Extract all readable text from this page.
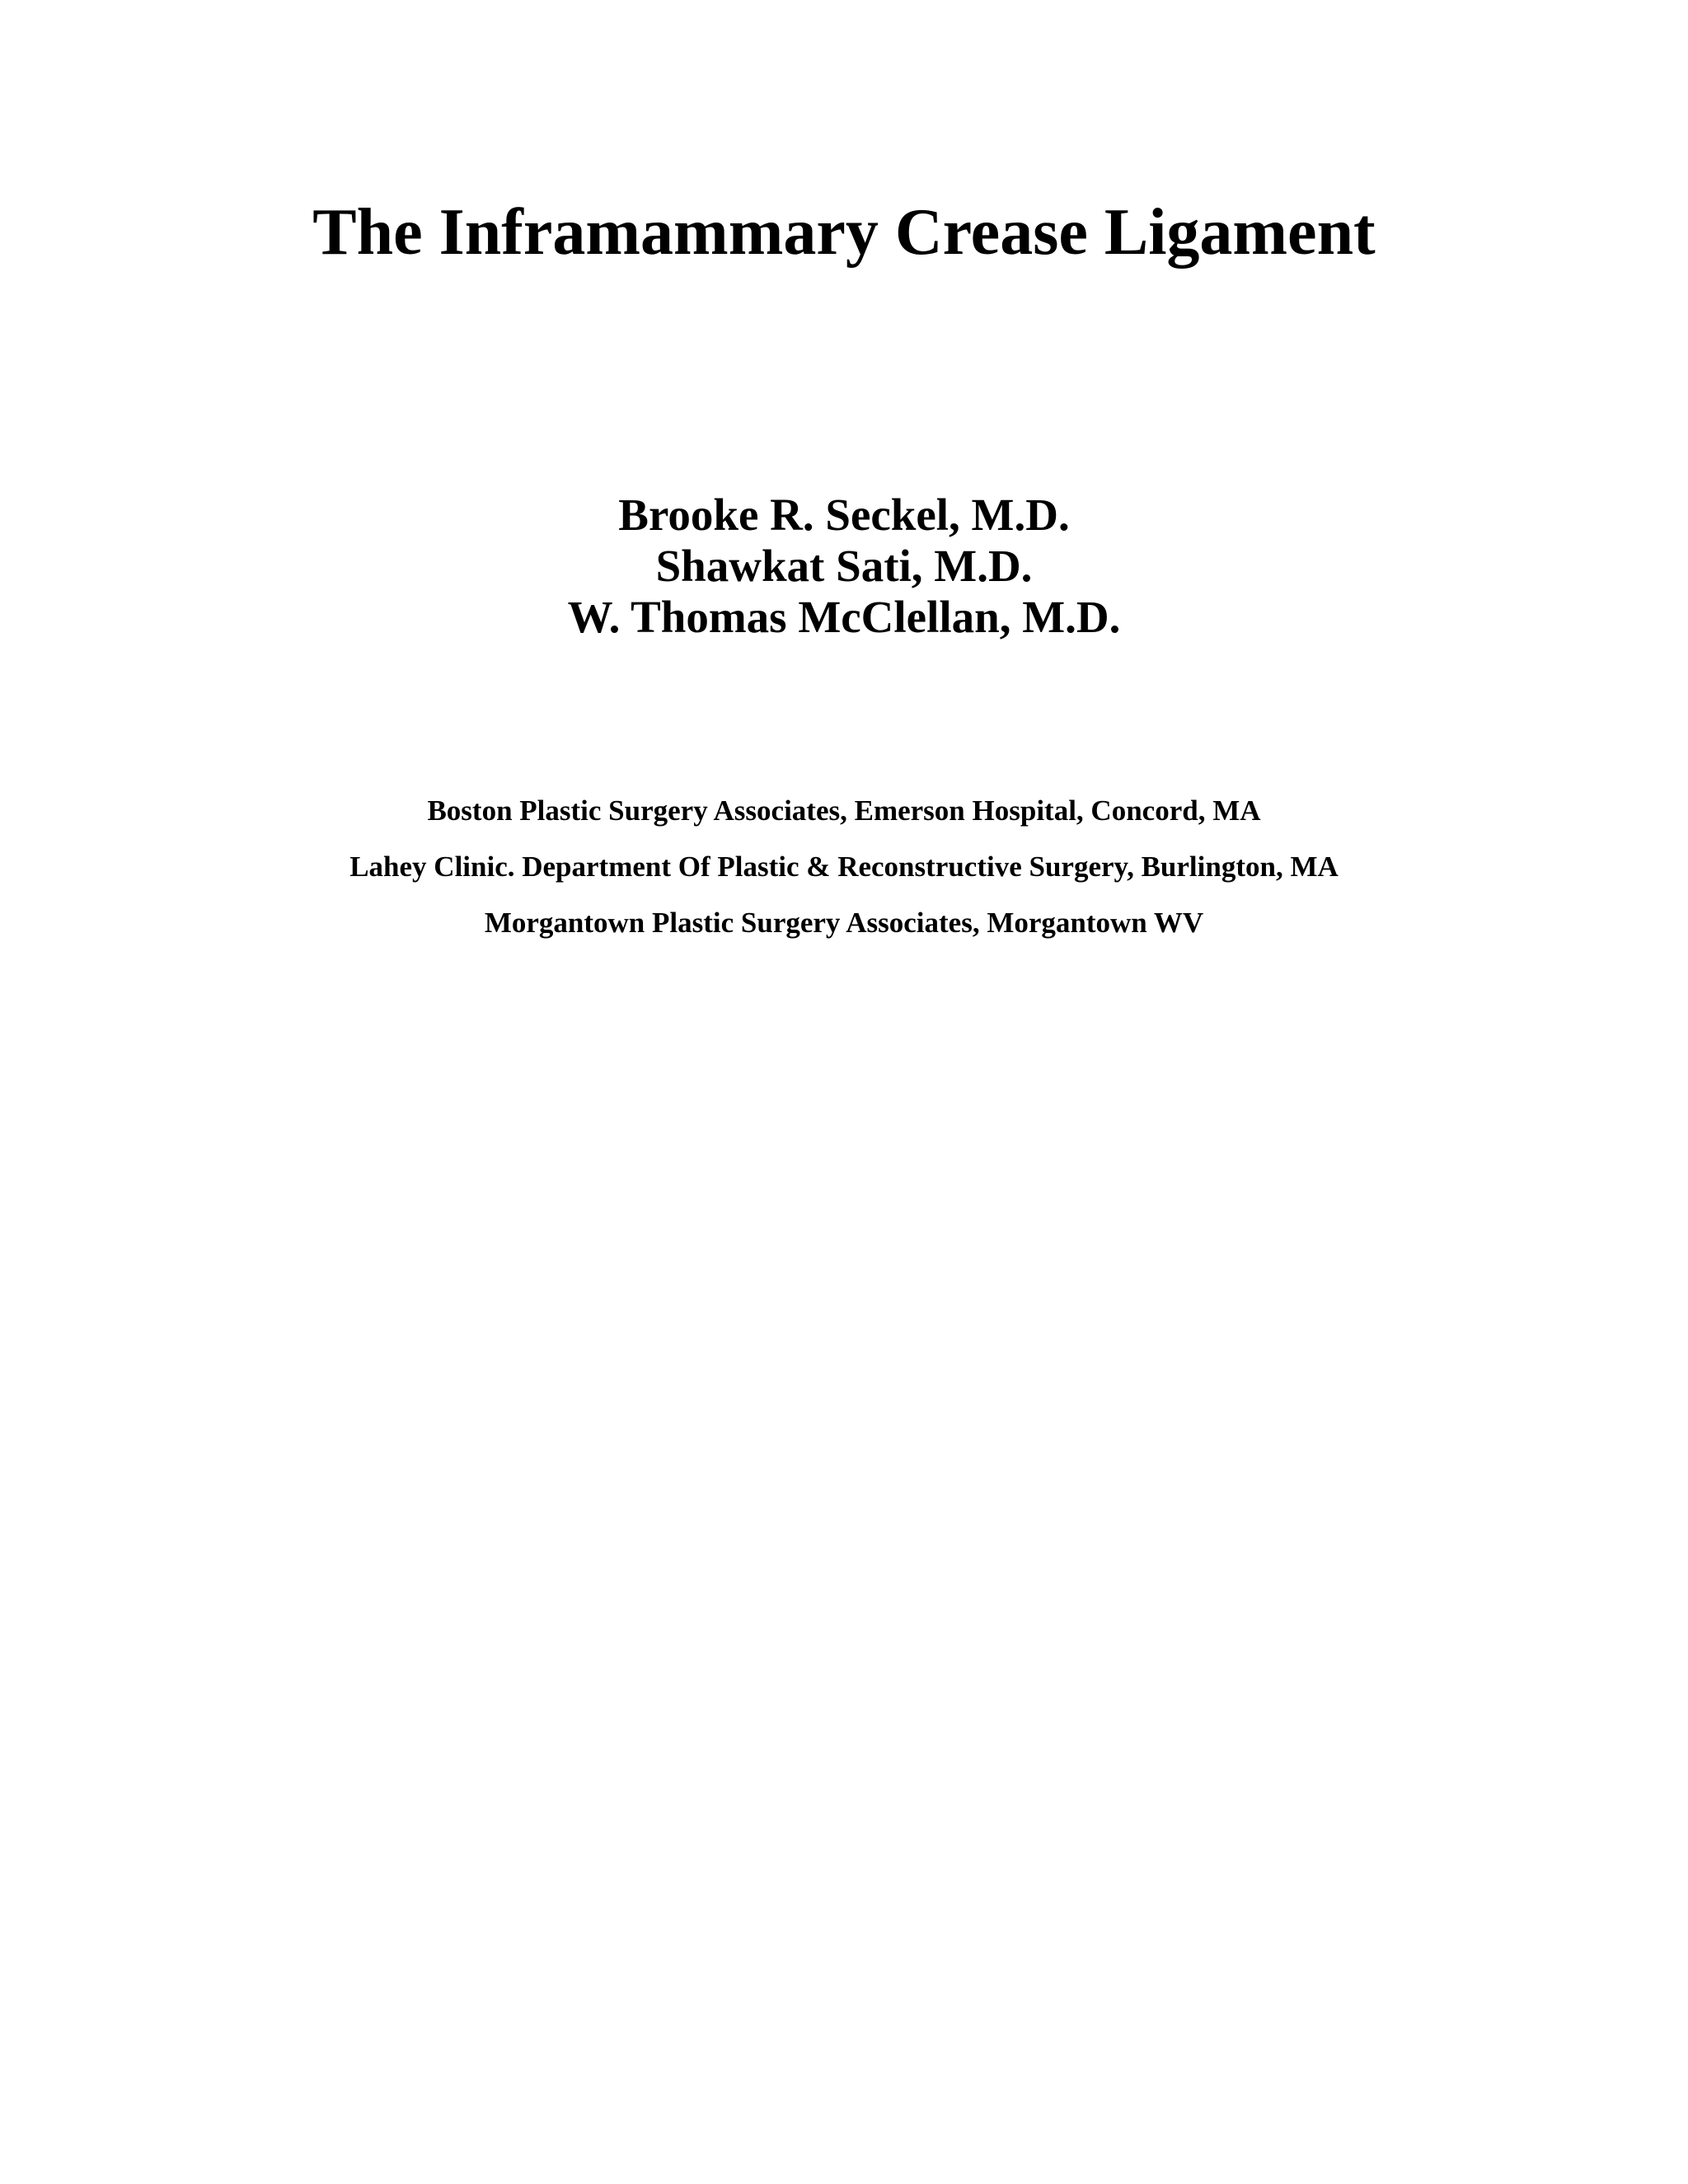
The Inframammary Crease Ligament
Brooke R. Seckel, M.D.
Shawkat Sati, M.D.
W. Thomas McClellan, M.D.
Boston Plastic Surgery Associates, Emerson Hospital, Concord, MA
Lahey Clinic. Department Of Plastic & Reconstructive Surgery, Burlington, MA
Morgantown Plastic Surgery Associates, Morgantown WV
